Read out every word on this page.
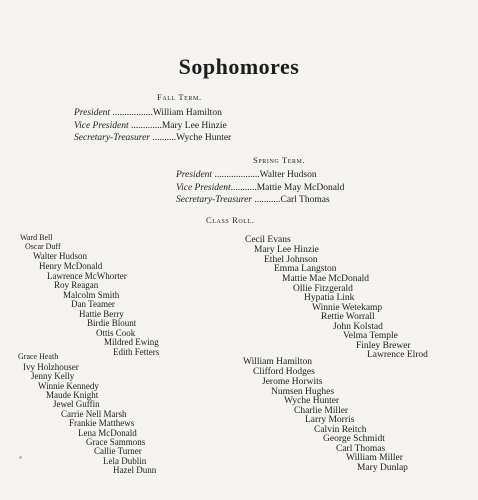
Sophomores
Fall Term.
President .................William Hamilton
Vice President .............Mary Lee Hinzie
Secretary-Treasurer ..........Wyche Hunter
Spring Term.
President ...................Walter Hudson
Vice President...........Mattie May McDonald
Secretary-Treasurer ...........Carl Thomas
Class Roll.
Ward Bell
Oscar Duff
Walter Hudson
Henry McDonald
Lawrence McWhorter
Roy Reagan
Malcolm Smith
Dan Teamer
Hattie Berry
Birdie Blount
Ottis Cook
Mildred Ewing
Edith Fetters
Grace Heath
Ivy Holzhouser
Jenny Kelly
Winnie Kennedy
Maude Knight
Jewel Guffin
Carrie Nell Marsh
Frankie Matthews
Lena McDonald
Grace Sammons
Callie Turner
Lela Dublin
Hazel Dunn
Cecil Evans
Mary Lee Hinzie
Ethel Johnson
Emma Langston
Mattie Mae McDonald
Ollie Fitzgerald
Hypatia Link
Winnie Wetekamp
Rettie Worrall
John Kolstad
Velma Temple
Finley Brewer
Lawrence Elrod
William Hamilton
Clifford Hodges
Jerome Horwits
Numsen Hughes
Wyche Hunter
Charlie Miller
Larry Morris
Calvin Reitch
George Schmidt
Carl Thomas
William Miller
Mary Dunlap
